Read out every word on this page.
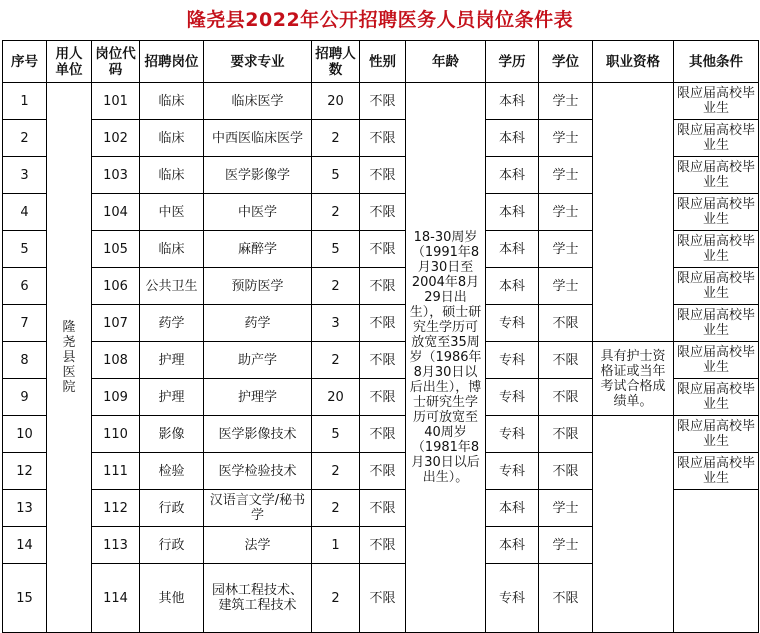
隆尧县2022年公开招聘医务人员岗位条件表
序号	用人单位	岗位代码	招聘岗位	要求专业	招聘人数	性别	年龄	学历	学位	职业资格	其他条件
1	隆尧县医院	101	临床	临床医学	20	不限	18-30周岁（1991年8月30日至2004年8月29日出生），硕士研究生学历可放宽至35周岁（1986年8月30日以后出生），博士研究生学历可放宽至40周岁（1981年8月30日以后出生）。	本科	学士		限应届高校毕业生
2		102	临床	中西医临床医学	2	不限		本科	学士		限应届高校毕业生
3		103	临床	医学影像学	5	不限		本科	学士		限应届高校毕业生
4		104	中医	中医学	2	不限		本科	学士		限应届高校毕业生
5		105	临床	麻醉学	5	不限		本科	学士		限应届高校毕业生
6		106	公共卫生	预防医学	2	不限		本科	学士		限应届高校毕业生
7		107	药学	药学	3	不限		专科	不限		限应届高校毕业生
8		108	护理	助产学	2	不限		专科	不限	具有护士资格证或当年考试合格成绩单。	限应届高校毕业生
9		109	护理	护理学	20	不限		专科	不限		限应届高校毕业生
10		110	影像	医学影像技术	5	不限		专科	不限		限应届高校毕业生
12		111	检验	医学检验技术	2	不限		专科	不限		限应届高校毕业生
13		112	行政	汉语言文学/秘书学	2	不限		本科	学士		
14		113	行政	法学	1	不限		本科	学士		
15		114	其他	园林工程技术、建筑工程技术	2	不限		专科	不限		
